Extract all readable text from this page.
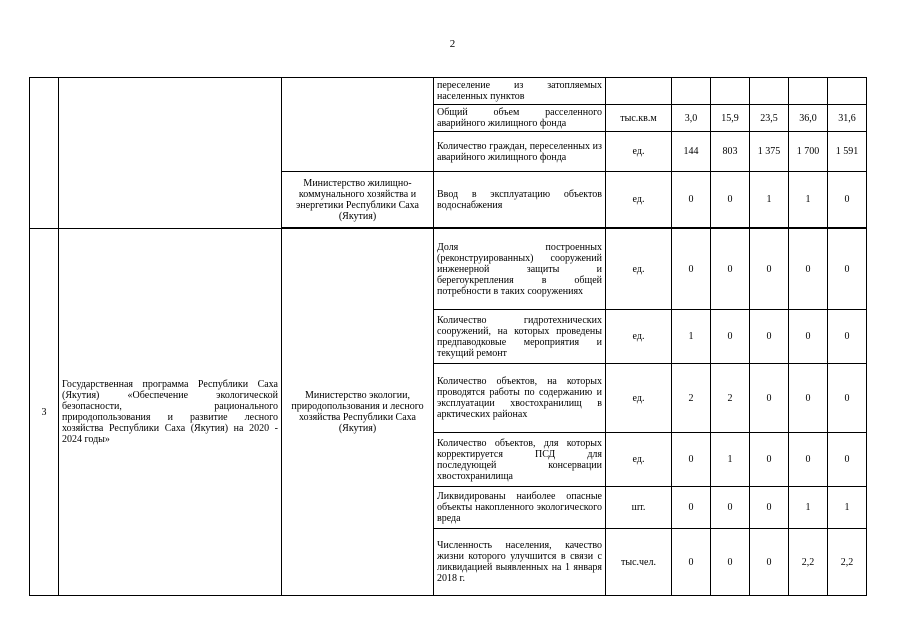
2
			переселение из затопляемых населенных пунктов						
			Общий объем расселенного аварийного жилищного фонда	тыс.кв.м	3,0	15,9	23,5	36,0	31,6
			Количество граждан, переселенных из аварийного жилищного фонда	ед.	144	803	1 375	1 700	1 591
		Министерство жилищно-коммунального хозяйства и энергетики Республики Саха (Якутия)	Ввод в эксплуатацию объектов водоснабжения	ед.	0	0	1	1	0

3	Государственная программа Республики Саха (Якутия) «Обеспечение экологической безопасности, рационального природопользования и развитие лесного хозяйства Республики Саха (Якутия) на 2020 - 2024 годы»	Министерство экологии, природопользования и лесного хозяйства Республики Саха (Якутия)	Доля построенных (реконструированных) сооружений инженерной защиты и берегоукрепления в общей потребности в таких сооружениях	ед.	0	0	0	0	0
			Количество гидротехнических сооружений, на которых проведены предпаводковые мероприятия и текущий ремонт	ед.	1	0	0	0	0
			Количество объектов, на которых проводятся работы по содержанию и эксплуатации хвостохранилищ в арктических районах	ед.	2	2	0	0	0
			Количество объектов, для которых корректируется ПСД для последующей консервации хвостохранилища	ед.	0	1	0	0	0
			Ликвидированы наиболее опасные объекты накопленного экологического вреда	шт.	0	0	0	1	1
			Численность населения, качество жизни которого улучшится в связи с ликвидацией выявленных на 1 января 2018 г.	тыс.чел.	0	0	0	2,2	2,2
